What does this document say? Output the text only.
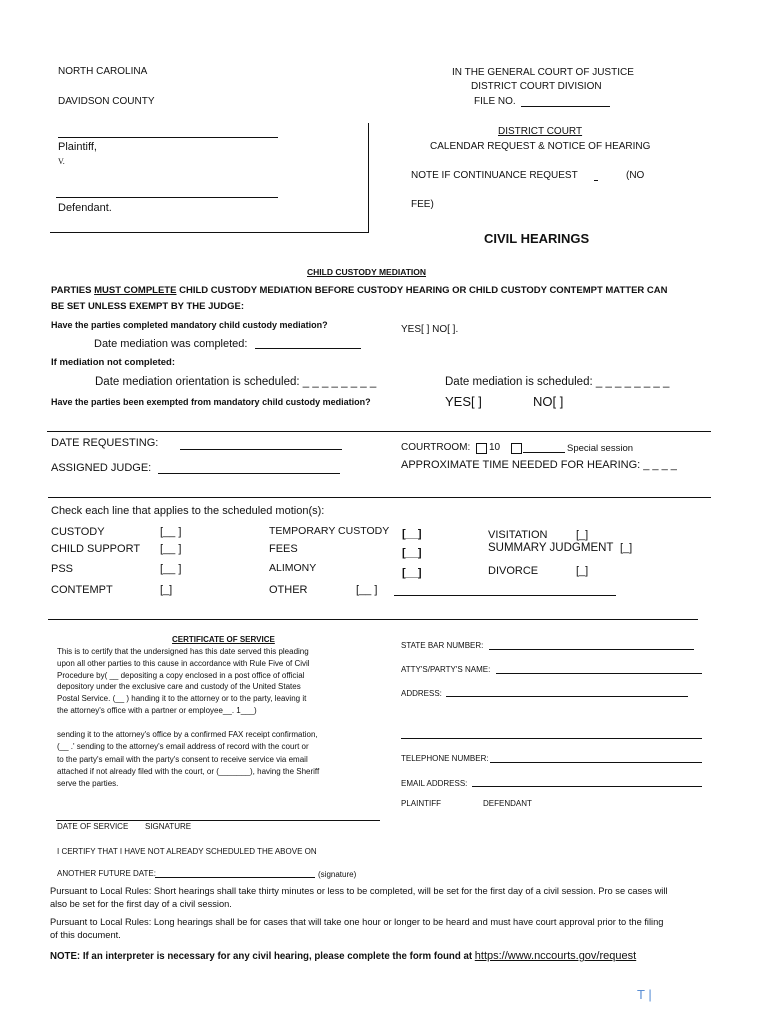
NORTH CAROLINA
DAVIDSON COUNTY
IN THE GENERAL COURT OF JUSTICE
DISTRICT COURT DIVISION
FILE NO.
Plaintiff,
V.
Defendant.
DISTRICT COURT
CALENDAR REQUEST & NOTICE OF HEARING
NOTE IF CONTINUANCE REQUEST	(NO
FEE)
CIVIL HEARINGS
CHILD CUSTODY MEDIATION
PARTIES MUST COMPLETE CHILD CUSTODY MEDIATION BEFORE CUSTODY HEARING OR CHILD CUSTODY CONTEMPT MATTER CAN
BE SET UNLESS EXEMPT BY THE JUDGE:
Have the parties completed mandatory child custody mediation?	YES[ ] NO[ ].
Date mediation was completed:
If mediation not completed:
Date mediation orientation is scheduled: _ _ _ _ _ _ _ _	Date mediation is scheduled: _ _ _ _ _ _ _ _
Have the parties been exempted from mandatory child custody mediation?	YES[ ]	NO[ ]
DATE REQUESTING:
ASSIGNED JUDGE:
COURTROOM: 10	Special session
APPROXIMATE TIME NEEDED FOR HEARING: _ _ _ _
Check each line that applies to the scheduled motion(s):
CUSTODY	[__ ]
CHILD SUPPORT [__ ]
PSS	[__ ]
CONTEMPT	[_]
TEMPORARY CUSTODY [__]
FEES	[__]
ALIMONY	[__]
OTHER	[__ ]
VISITATION	[_]
SUMMARY JUDGMENT [_]
DIVORCE	[_]
CERTIFICATE OF SERVICE
This is to certify that the undersigned has this date served this pleading
upon all other parties to this cause in accordance with Rule Five of Civil
Procedure by( __ depositing a copy enclosed in a post office of official
depository under the exclusive care and custody of the United States
Postal Service. (__ ) handing it to the attorney or to the party, leaving it
the attorney's office with a partner or employee__. 1___)
sending it to the attorney's office by a confirmed FAX receipt confirmation,
(__ .' sending to the attorney's email address of record with the court or
to the party's email with the party's consent to receive service via email
attached if not already filed with the court, or (_______), having the Sheriff
serve the parties.
DATE OF SERVICE SIGNATURE
I CERTIFY THAT I HAVE NOT ALREADY SCHEDULED THE ABOVE ON
ANOTHER FUTURE DATE:	(signature)
STATE BAR NUMBER:
ATTY'S/PARTY'S NAME:
ADDRESS:
TELEPHONE NUMBER:
EMAIL ADDRESS:
PLAINTIFF	DEFENDANT
Pursuant to Local Rules: Short hearings shall take thirty minutes or less to be completed, will be set for the first day of a civil session. Pro se cases will
also be set for the first day of a civil session.
Pursuant to Local Rules: Long hearings shall be for cases that will take one hour or longer to be heard and must have court approval prior to the filing
of this document.
NOTE: If an interpreter is necessary for any civil hearing, please complete the form found at https://www.nccourts.gov/request
T |
